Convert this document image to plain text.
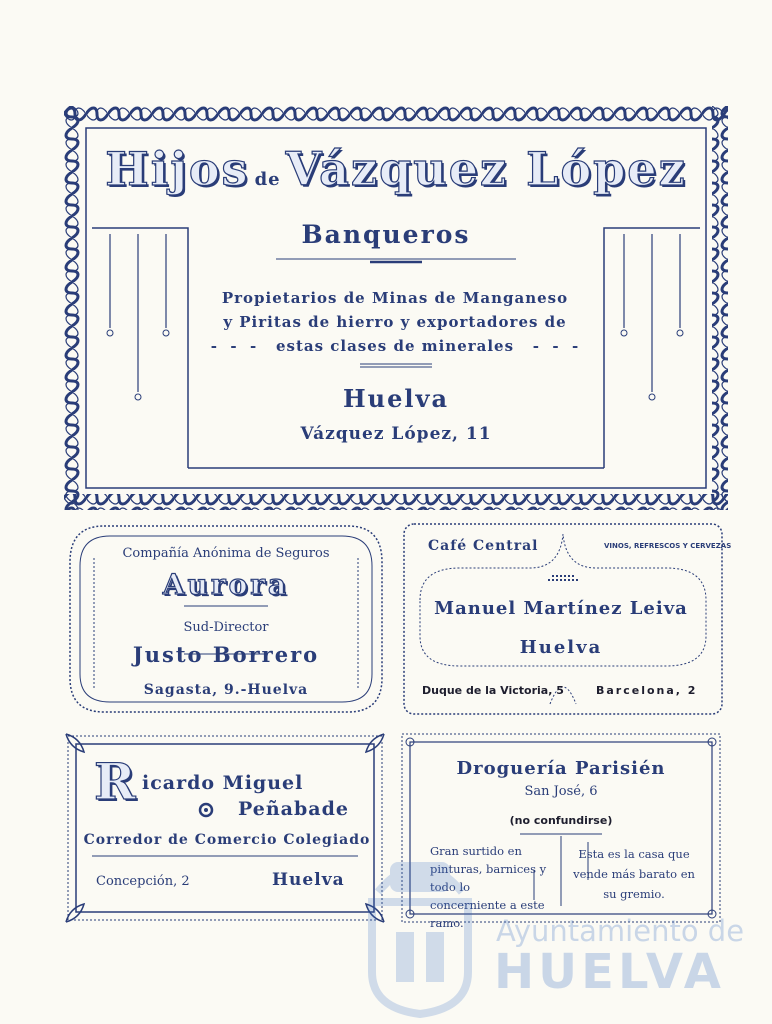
Hijos de Vázquez López
Banqueros
Propietarios de Minas de Manganeso
y Piritas de hierro y exportadores de
-  -  -   estas clases de minerales   -  -  -
Huelva
Vázquez López, 11
Compañía Anónima de Seguros
Aurora
Sud-Director
Justo Borrero
Sagasta, 9.-Huelva
Café Central	VINOS, REFRESCOS Y CERVEZAS
Manuel Martínez Leiva
Huelva
Duque de la Victoria, 5	Barcelona, 2
R icardo Miguel
Peñabade
Corredor de Comercio Colegiado
Concepción, 2	Huelva
Droguería Parisién
San José, 6
(no confundirse)
Gran surtido en pinturas, barnices y todo lo concerniente a este ramo.
Esta es la casa que vende más barato en su gremio.
Ayuntamiento de
HUELVA
